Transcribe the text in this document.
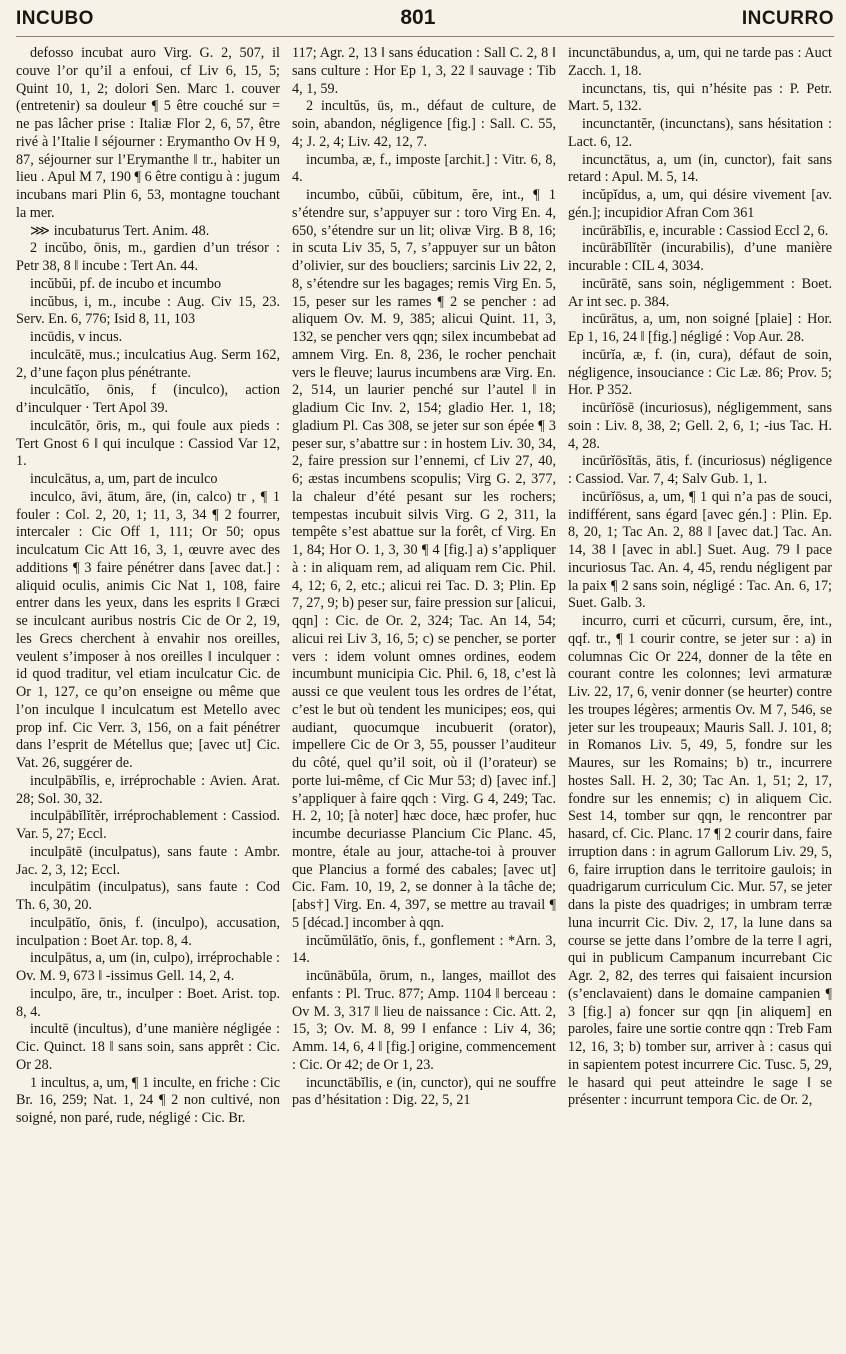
INCUBO	801	INCURRO

defosso incubat auro Virg. G. 2, 507, il couve l’or qu’il a enfoui, cf Liv 6, 15, 5; Quint 10, 1, 2; dolori Sen. Marc 1. couver (entretenir) sa douleur ¶ 5 être couché sur = ne pas lâcher prise : Italiæ Flor 2, 6, 57, être rivé à l’Italie ‖ séjourner : Erymantho Ov H 9, 87, séjourner sur l’Erymanthe ‖ tr., habiter un lieu . Apul M 7, 190 ¶ 6 être contigu à : jugum incubans mari Plin 6, 53, montagne touchant la mer.

⋙ incubaturus Tert. Anim. 48.

2 incŭbo, ōnis, m., gardien d’un trésor : Petr 38, 8 ‖ incube : Tert An. 44.

incŭbŭi, pf. de incubo et incumbo

incŭbus, i, m., incube : Aug. Civ 15, 23. Serv. En. 6, 776; Isid 8, 11, 103

incūdis, v incus.

inculcātē, mus.; inculcatius Aug. Serm 162, 2, d’une façon plus pénétrante.

inculcātĭo, ōnis, f (inculco), action d’inculquer · Tert Apol 39.

inculcātŏr, ōris, m., qui foule aux pieds : Tert Gnost 6 ‖ qui inculque : Cassiod Var 12, 1.

inculcātus, a, um, part de inculco

inculco, āvi, ātum, āre, (in, calco) tr , ¶ 1 fouler : Col. 2, 20, 1; 11, 3, 34 ¶ 2 fourrer, intercaler : Cic Off 1, 111; Or 50; opus inculcatum Cic Att 16, 3, 1, œuvre avec des additions ¶ 3 faire pénétrer dans [avec dat.] : aliquid oculis, animis Cic Nat 1, 108, faire entrer dans les yeux, dans les esprits ‖ Græci se inculcant auribus nostris Cic de Or 2, 19, les Grecs cherchent à envahir nos oreilles, veulent s’imposer à nos oreilles ‖ inculquer : id quod traditur, vel etiam inculcatur Cic. de Or 1, 127, ce qu’on enseigne ou même que l’on inculque ‖ inculcatum est Metello avec prop inf. Cic Verr. 3, 156, on a fait pénétrer dans l’esprit de Métellus que; [avec ut] Cic. Vat. 26, suggérer de.

inculpābĭlis, e, irréprochable : Avien. Arat. 28; Sol. 30, 32.

inculpābĭlĭtĕr, irréprochablement : Cassiod. Var. 5, 27; Eccl.

inculpātē (inculpatus), sans faute : Ambr. Jac. 2, 3, 12; Eccl.

inculpātim (inculpatus), sans faute : Cod Th. 6, 30, 20.

inculpātĭo, ōnis, f. (inculpo), accusation, inculpation : Boet Ar. top. 8, 4.

inculpātus, a, um (in, culpo), irréprochable : Ov. M. 9, 673 ‖ -issimus Gell. 14, 2, 4.

inculpo, āre, tr., inculper : Boet. Arist. top. 8, 4.

incultē (incultus), d’une manière négligée : Cic. Quinct. 18 ‖ sans soin, sans apprêt : Cic. Or 28.

1 incultus, a, um, ¶ 1 inculte, en friche : Cic Br. 16, 259; Nat. 1, 24 ¶ 2 non cultivé, non soigné, non paré, rude, négligé : Cic. Br.

117; Agr. 2, 13 ‖ sans éducation : Sall C. 2, 8 ‖ sans culture : Hor Ep 1, 3, 22 ‖ sauvage : Tib 4, 1, 59.

2 incultŭs, ūs, m., défaut de culture, de soin, abandon, négligence [fig.] : Sall. C. 55, 4; J. 2, 4; Liv. 42, 12, 7.

incumba, æ, f., imposte [archit.] : Vitr. 6, 8, 4.

incumbo, cŭbŭi, cŭbitum, ĕre, int., ¶ 1 s’étendre sur, s’appuyer sur : toro Virg En. 4, 650, s’étendre sur un lit; olivæ Virg. B 8, 16; in scuta Liv 35, 5, 7, s’appuyer sur un bâton d’olivier, sur des boucliers; sarcinis Liv 22, 2, 8, s’étendre sur les bagages; remis Virg En. 5, 15, peser sur les rames ¶ 2 se pencher : ad aliquem Ov. M. 9, 385; alicui Quint. 11, 3, 132, se pencher vers qqn; silex incumbebat ad amnem Virg. En. 8, 236, le rocher penchait vers le fleuve; laurus incumbens aræ Virg. En. 2, 514, un laurier penché sur l’autel ‖ in gladium Cic Inv. 2, 154; gladio Her. 1, 18; gladium Pl. Cas 308, se jeter sur son épée ¶ 3 peser sur, s’abattre sur : in hostem Liv. 30, 34, 2, faire pression sur l’ennemi, cf Liv 27, 40, 6; æstas incumbens scopulis; Virg G. 2, 377, la chaleur d’été pesant sur les rochers; tempestas incubuit silvis Virg. G 2, 311, la tempête s’est abattue sur la forêt, cf Virg. En 1, 84; Hor O. 1, 3, 30 ¶ 4 [fig.] a) s’appliquer à : in aliquam rem, ad aliquam rem Cic. Phil. 4, 12; 6, 2, etc.; alicui rei Tac. D. 3; Plin. Ep 7, 27, 9; b) peser sur, faire pression sur [alicui, qqn] : Cic. de Or. 2, 324; Tac. An 14, 54; alicui rei Liv 3, 16, 5; c) se pencher, se porter vers : idem volunt omnes ordines, eodem incumbunt municipia Cic. Phil. 6, 18, c’est là aussi ce que veulent tous les ordres de l’état, c’est le but où tendent les municipes; eos, qui audiant, quocumque incubuerit (orator), impellere Cic de Or 3, 55, pousser l’auditeur du côté, quel qu’il soit, où il (l’orateur) se porte lui-même, cf Cic Mur 53; d) [avec inf.] s’appliquer à faire qqch : Virg. G 4, 249; Tac. H. 2, 10; [à noter] hæc doce, hæc profer, huc incumbe decuriasse Plancium Cic Planc. 45, montre, étale au jour, attache-toi à prouver que Plancius a formé des cabales; [avec ut] Cic. Fam. 10, 19, 2, se donner à la tâche de; [abs†] Virg. En. 4, 397, se mettre au travail ¶ 5 [décad.] incomber à qqn.

incŭmŭlātĭo, ōnis, f., gonflement : *Arn. 3, 14.

incūnābŭla, ōrum, n., langes, maillot des enfants : Pl. Truc. 877; Amp. 1104 ‖ berceau : Ov M. 3, 317 ‖ lieu de naissance : Cic. Att. 2, 15, 3; Ov. M. 8, 99 ‖ enfance : Liv 4, 36; Amm. 14, 6, 4 ‖ [fig.] origine, commencement : Cic. Or 42; de Or 1, 23.

incunctābĭlis, e (in, cunctor), qui ne souffre pas d’hésitation : Dig. 22, 5, 21

incunctābundus, a, um, qui ne tarde pas : Auct Zacch. 1, 18.

incunctans, tis, qui n’hésite pas : P. Petr. Mart. 5, 132.

incunctantĕr, (incunctans), sans hésitation : Lact. 6, 12.

incunctātus, a, um (in, cunctor), fait sans retard : Apul. M. 5, 14.

incŭpĭdus, a, um, qui désire vivement [av. gén.]; incupidior Afran Com 361

incūrābĭlis, e, incurable : Cassiod Eccl 2, 6.

incūrābĭlĭtĕr (incurabilis), d’une manière incurable : CIL 4, 3034.

incūrātē, sans soin, négligemment : Boet. Ar int sec. p. 384.

incūrātus, a, um, non soigné [plaie] : Hor. Ep 1, 16, 24 ‖ [fig.] négligé : Vop Aur. 28.

incūrĭa, æ, f. (in, cura), défaut de soin, négligence, insouciance : Cic Læ. 86; Prov. 5; Hor. P 352.

incūrĭōsē (incuriosus), négligemment, sans soin : Liv. 8, 38, 2; Gell. 2, 6, 1; -ius Tac. H. 4, 28.

incūrĭōsĭtās, ātis, f. (incuriosus) négligence : Cassiod. Var. 7, 4; Salv Gub. 1, 1.

incūrĭōsus, a, um, ¶ 1 qui n’a pas de souci, indifférent, sans égard [avec gén.] : Plin. Ep. 8, 20, 1; Tac An. 2, 88 ‖ [avec dat.] Tac. An. 14, 38 ‖ [avec in abl.] Suet. Aug. 79 ‖ pace incuriosus Tac. An. 4, 45, rendu négligent par la paix ¶ 2 sans soin, négligé : Tac. An. 6, 17; Suet. Galb. 3.

incurro, curri et cŭcurri, cursum, ĕre, int., qqf. tr., ¶ 1 courir contre, se jeter sur : a) in columnas Cic Or 224, donner de la tête en courant contre les colonnes; levi armaturæ Liv. 22, 17, 6, venir donner (se heurter) contre les troupes légères; armentis Ov. M 7, 546, se jeter sur les troupeaux; Mauris Sall. J. 101, 8; in Romanos Liv. 5, 49, 5, fondre sur les Maures, sur les Romains; b) tr., incurrere hostes Sall. H. 2, 30; Tac An. 1, 51; 2, 17, fondre sur les ennemis; c) in aliquem Cic. Sest 14, tomber sur qqn, le rencontrer par hasard, cf. Cic. Planc. 17 ¶ 2 courir dans, faire irruption dans : in agrum Gallorum Liv. 29, 5, 6, faire irruption dans le territoire gaulois; in quadrigarum curriculum Cic. Mur. 57, se jeter dans la piste des quadriges; in umbram terræ luna incurrit Cic. Div. 2, 17, la lune dans sa course se jette dans l’ombre de la terre ‖ agri, qui in publicum Campanum incurrebant Cic Agr. 2, 82, des terres qui faisaient incursion (s’enclavaient) dans le domaine campanien ¶ 3 [fig.] a) foncer sur qqn [in aliquem] en paroles, faire une sortie contre qqn : Treb Fam 12, 16, 3; b) tomber sur, arriver à : casus qui in sapientem potest incurrere Cic. Tusc. 5, 29, le hasard qui peut atteindre le sage ‖ se présenter : incurrunt tempora Cic. de Or. 2,
